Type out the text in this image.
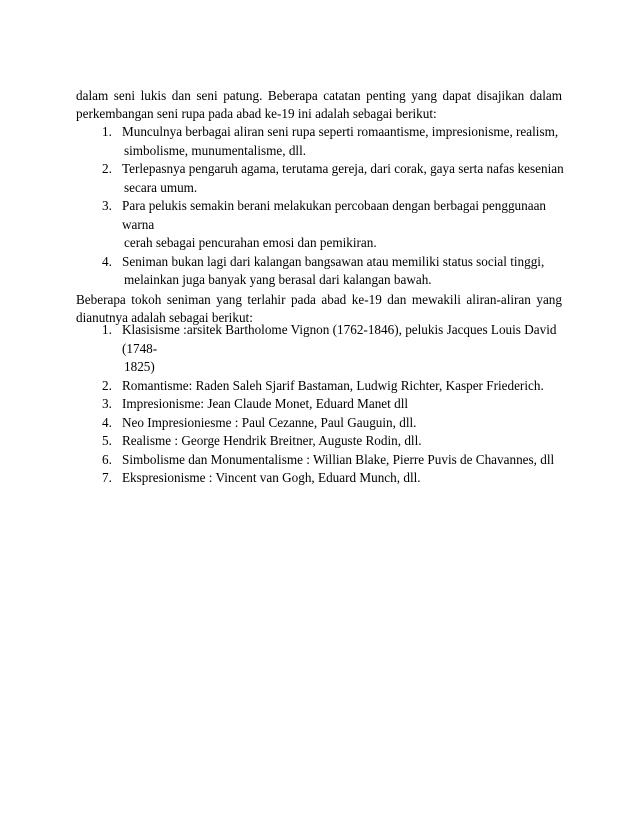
dalam seni lukis dan seni patung. Beberapa catatan penting yang dapat disajikan dalam perkembangan seni rupa pada abad ke-19 ini adalah sebagai berikut:

1. Munculnya berbagai aliran seni rupa seperti romaantisme, impresionisme, realism,
simbolisme, munumentalisme, dll.
2. Terlepasnya pengaruh agama, terutama gereja, dari corak, gaya serta nafas kesenian
secara umum.
3. Para pelukis semakin berani melakukan percobaan dengan berbagai penggunaan warna
cerah sebagai pencurahan emosi dan pemikiran.
4. Seniman bukan lagi dari kalangan bangsawan atau memiliki status social tinggi,
melainkan juga banyak yang berasal dari kalangan bawah.

Beberapa tokoh seniman yang terlahir pada abad ke-19 dan mewakili aliran-aliran yang dianutnya adalah sebagai berikut:

1. Klasisisme :arsitek Bartholome Vignon (1762-1846), pelukis Jacques Louis David (1748-
1825)
2. Romantisme: Raden Saleh Sjarif Bastaman, Ludwig Richter, Kasper Friederich.
3. Impresionisme: Jean Claude Monet, Eduard Manet dll
4. Neo Impresioniesme : Paul Cezanne, Paul Gauguin, dll.
5. Realisme : George Hendrik Breitner, Auguste Rodin, dll.
6. Simbolisme dan Monumentalisme : Willian Blake, Pierre Puvis de Chavannes, dll
7. Ekspresionisme : Vincent van Gogh, Eduard Munch, dll.
